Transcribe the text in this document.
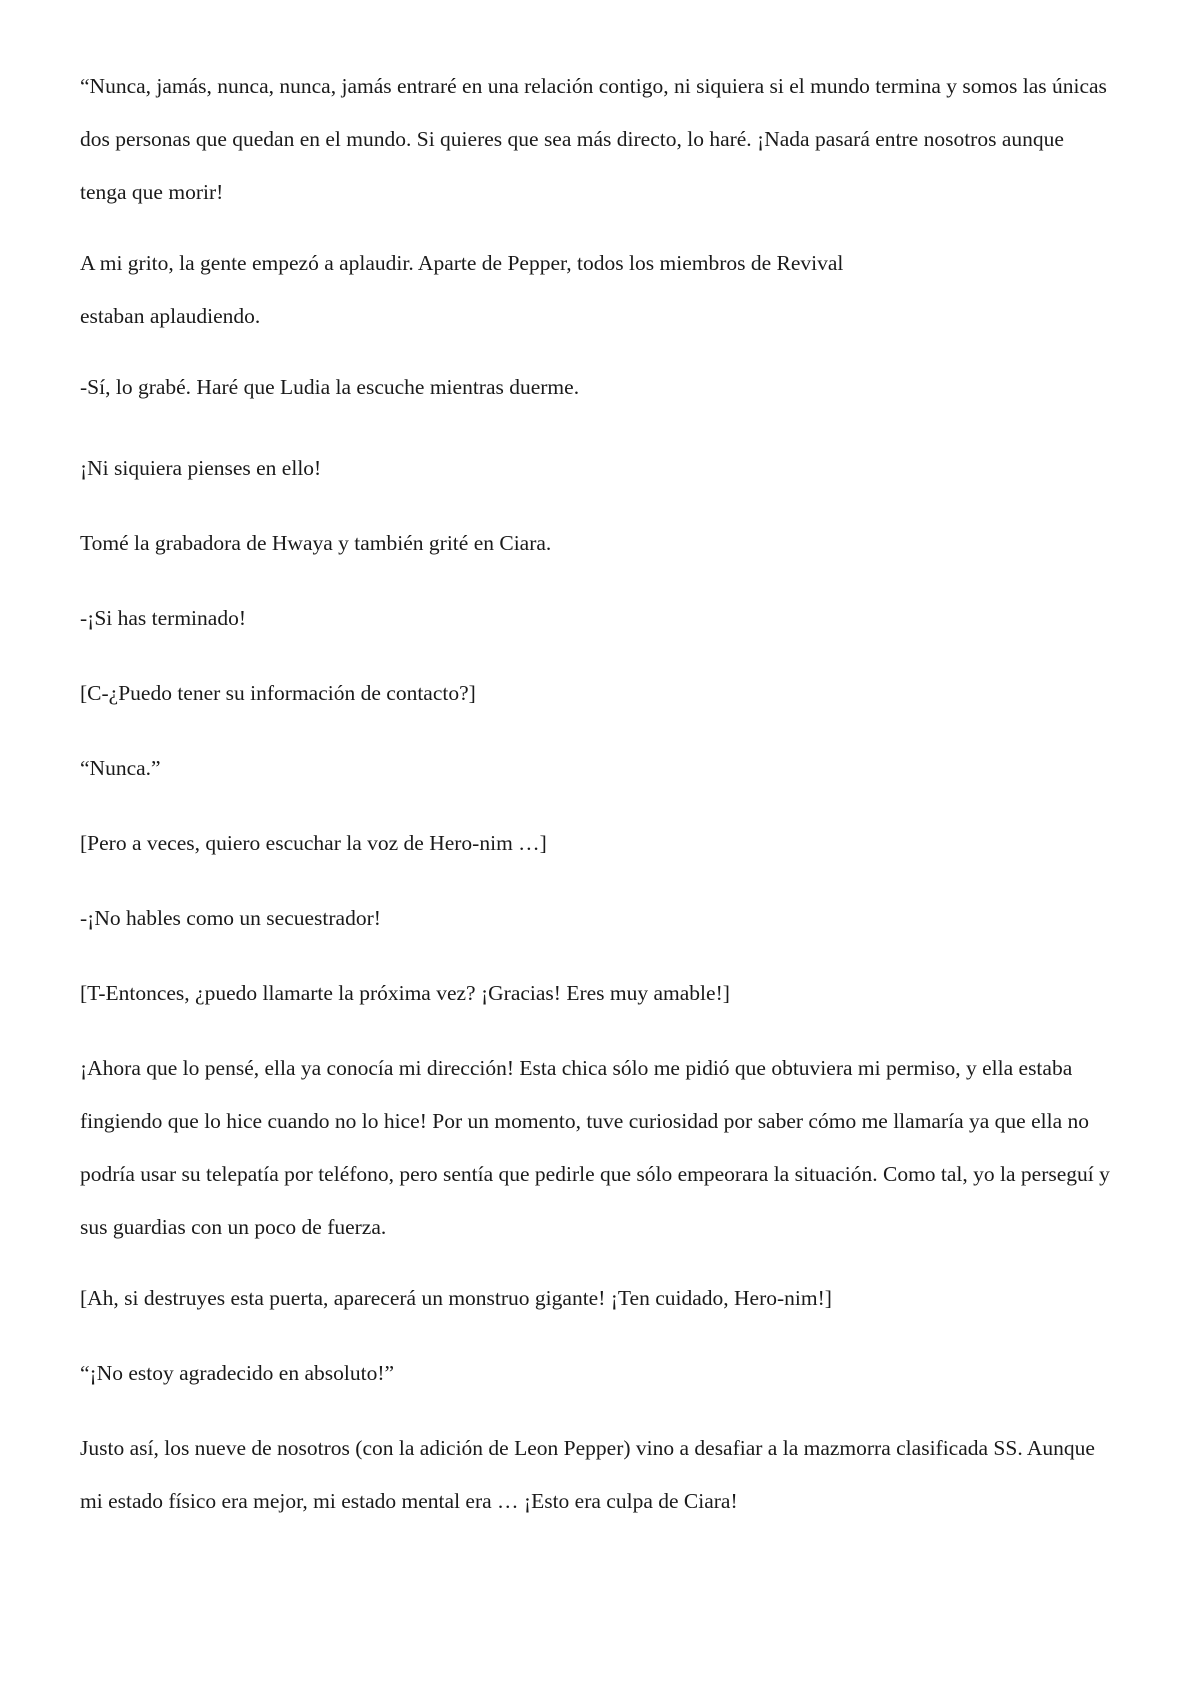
“Nunca, jamás, nunca, nunca, jamás entraré en una relación contigo, ni siquiera si el mundo termina y somos las únicas dos personas que quedan en el mundo. Si quieres que sea más directo, lo haré. ¡Nada pasará entre nosotros aunque tenga que morir!

A mi grito, la gente empezó a aplaudir. Aparte de Pepper, todos los miembros de Revival

estaban aplaudiendo.

-Sí, lo grabé. Haré que Ludia la escuche mientras duerme.

¡Ni siquiera pienses en ello!

Tomé la grabadora de Hwaya y también grité en Ciara.

-¡Si has terminado!

[C-¿Puedo tener su información de contacto?]

“Nunca.”

[Pero a veces, quiero escuchar la voz de Hero-nim …]

-¡No hables como un secuestrador!

[T-Entonces, ¿puedo llamarte la próxima vez? ¡Gracias! Eres muy amable!]

¡Ahora que lo pensé, ella ya conocía mi dirección! Esta chica sólo me pidió que obtuviera mi permiso, y ella estaba fingiendo que lo hice cuando no lo hice! Por un momento, tuve curiosidad por saber cómo me llamaría ya que ella no podría usar su telepatía por teléfono, pero sentía que pedirle que sólo empeorara la situación. Como tal, yo la perseguí y sus guardias con un poco de fuerza.

[Ah, si destruyes esta puerta, aparecerá un monstruo gigante! ¡Ten cuidado, Hero-nim!]

“¡No estoy agradecido en absoluto!”

Justo así, los nueve de nosotros (con la adición de Leon Pepper) vino a desafiar a la mazmorra clasificada SS. Aunque mi estado físico era mejor, mi estado mental era … ¡Esto era culpa de Ciara!
